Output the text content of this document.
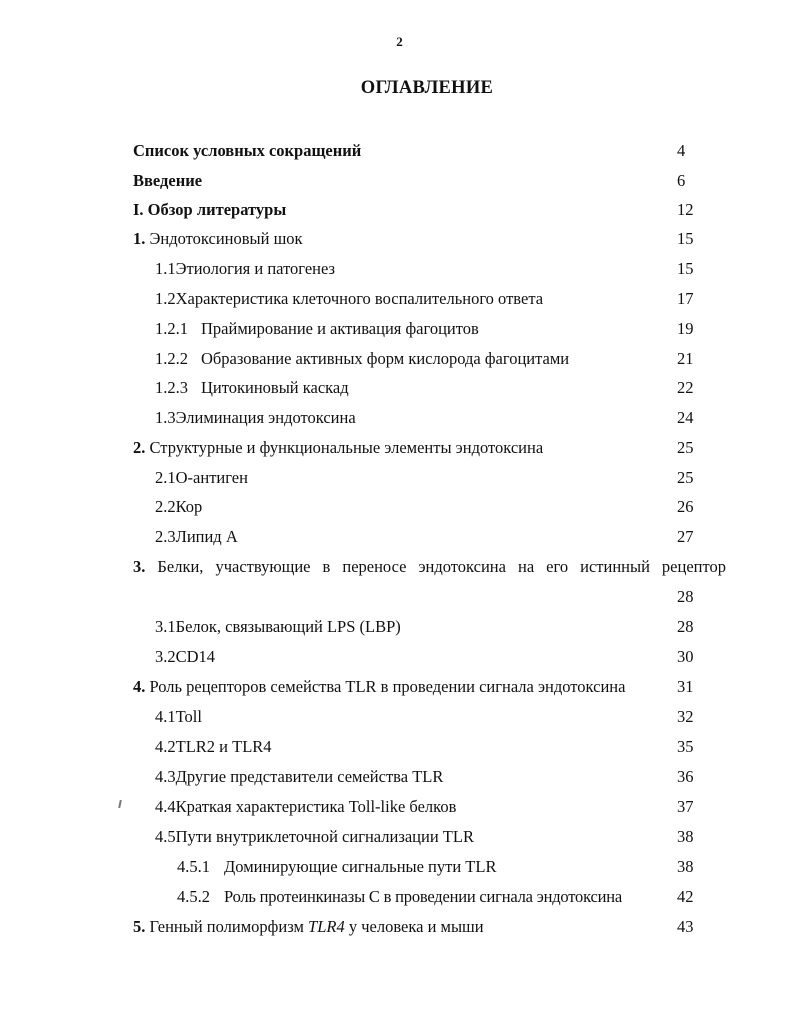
2
ОГЛАВЛЕНИЕ
Список условных сокращений	4
Введение	6
I. Обзор литературы	12
1. Эндотоксиновый шок	15
1.1Этиология и патогенез	15
1.2Характеристика клеточного воспалительного ответа	17
1.2.1 Праймирование и активация фагоцитов	19
1.2.2 Образование активных форм кислорода фагоцитами	21
1.2.3 Цитокиновый каскад	22
1.3Элиминация эндотоксина	24
2. Структурные и функциональные элементы эндотоксина	25
2.1О-антиген	25
2.2Кор	26
2.3Липид А	27
3. Белки, участвующие в переносе эндотоксина на его истинный рецептор
28
3.1Белок, связывающий LPS (LBP)	28
3.2CD14	30
4. Роль рецепторов семейства TLR в проведении сигнала эндотоксина	31
4.1Toll	32
4.2TLR2 и TLR4	35
4.3Другие представители семейства TLR	36
4.4Краткая характеристика Toll-like белков	37
4.5Пути внутриклеточной сигнализации TLR	38
4.5.1 Доминирующие сигнальные пути TLR	38
4.5.2 Роль протеинкиназы С в проведении сигнала эндотоксина	42
5. Генный полиморфизм TLR4 у человека и мыши	43
